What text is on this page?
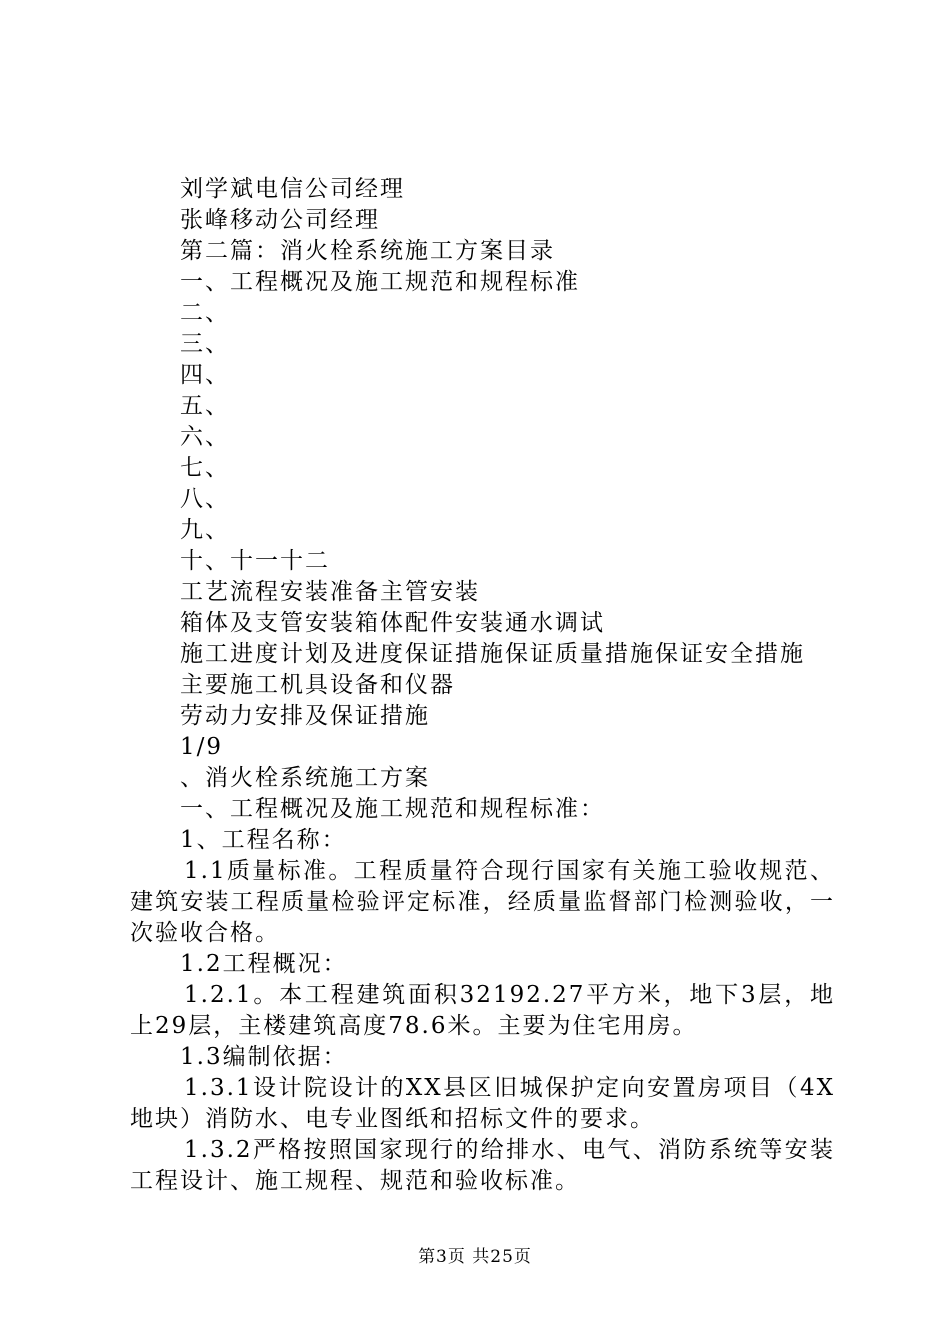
刘学斌电信公司经理
张峰移动公司经理
第二篇：消火栓系统施工方案目录
一、工程概况及施工规范和规程标准
二、
三、
四、
五、
六、
七、
八、
九、
十、十一十二
工艺流程安装准备主管安装
箱体及支管安装箱体配件安装通水调试
施工进度计划及进度保证措施保证质量措施保证安全措施
主要施工机具设备和仪器
劳动力安排及保证措施
1/9
、消火栓系统施工方案
一、工程概况及施工规范和规程标准：
1、工程名称：
1.1质量标准。工程质量符合现行国家有关施工验收规范、建筑安装工程质量检验评定标准，经质量监督部门检测验收，一次验收合格。
1.2工程概况：
1.2.1。本工程建筑面积32192.27平方米，地下3层，地上29层，主楼建筑高度78.6米。主要为住宅用房。
1.3编制依据：
1.3.1设计院设计的XX县区旧城保护定向安置房项目（4X地块）消防水、电专业图纸和招标文件的要求。
1.3.2严格按照国家现行的给排水、电气、消防系统等安装工程设计、施工规程、规范和验收标准。
第3页 共25页
